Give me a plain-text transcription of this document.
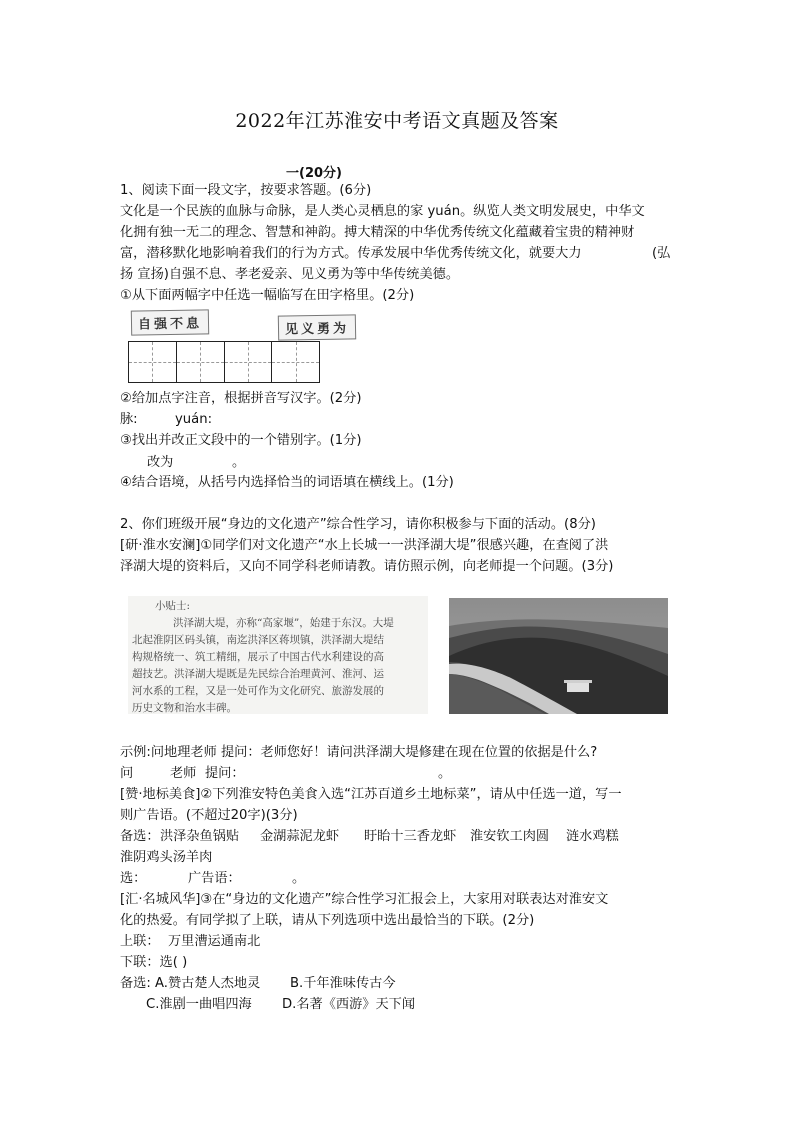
2022年江苏淮安中考语文真题及答案
一(20分)
1、阅读下面一段文字，按要求答题。(6分)
文化是一个民族的血脉与命脉，是人类心灵栖息的家 yuán。纵览人类文明发展史，中华文
化拥有独一无二的理念、智慧和神韵。搏大精深的中华优秀传统文化蕴藏着宝贵的精神财
富，潜移默化地影响着我们的行为方式。传承发展中华优秀传统文化，就要大力	(弘
扬 宣扬)自强不息、孝老爱亲、见义勇为等中华传统美德。
①从下面两幅字中任选一幅临写在田字格里。(2分)
自强不息	见义勇为
②给加点字注音，根据拼音写汉字。(2分)
脉:	yuán:
③找出并改正文段中的一个错别字。(1分)
改为	。
④结合语境，从括号内选择恰当的词语填在横线上。(1分)
2、你们班级开展“身边的文化遗产”综合性学习，请你积极参与下面的活动。(8分)
[研·淮水安澜]①同学们对文化遗产“水上长城一一洪泽湖大堤”很感兴趣，在查阅了洪
泽湖大堤的资料后，又向不同学科老师请教。请仿照示例，向老师提一个问题。(3分)
小贴士:
洪泽湖大堤，亦称“高家堰”，始建于东汉。大堤
北起淮阴区码头镇，南迄洪泽区蒋坝镇，洪泽湖大堤结
构规格统一、筑工精细，展示了中国古代水利建设的高
超技艺。洪泽湖大堤既是先民综合治理黄河、淮河、运
河水系的工程，又是一处可作为文化研究、旅游发展的
历史文物和治水丰碑。
示例:问地理老师 提问：老师您好！请问洪泽湖大堤修建在现在位置的依据是什么?
问	老师 提问：	。
[赞·地标美食]②下列淮安特色美食入选“江苏百道乡土地标菜”，请从中任选一道，写一
则广告语。(不超过20字)(3分)
备选： 洪泽杂鱼锅贴 金湖蒜泥龙虾 盱眙十三香龙虾 淮安钦工肉圆 涟水鸡糕
淮阴鸡头汤羊肉
选：	广告语：	。
[汇·名城风华]③在“身边的文化遗产”综合性学习汇报会上，大家用对联表达对淮安文
化的热爱。有同学拟了上联，请从下列选项中选出最恰当的下联。(2分)
上联： 万里漕运通南北
下联：选( )
备选: A.赞古楚人杰地灵 B.千年淮味传古今
C.淮剧一曲唱四海 D.名著《西游》天下闻
